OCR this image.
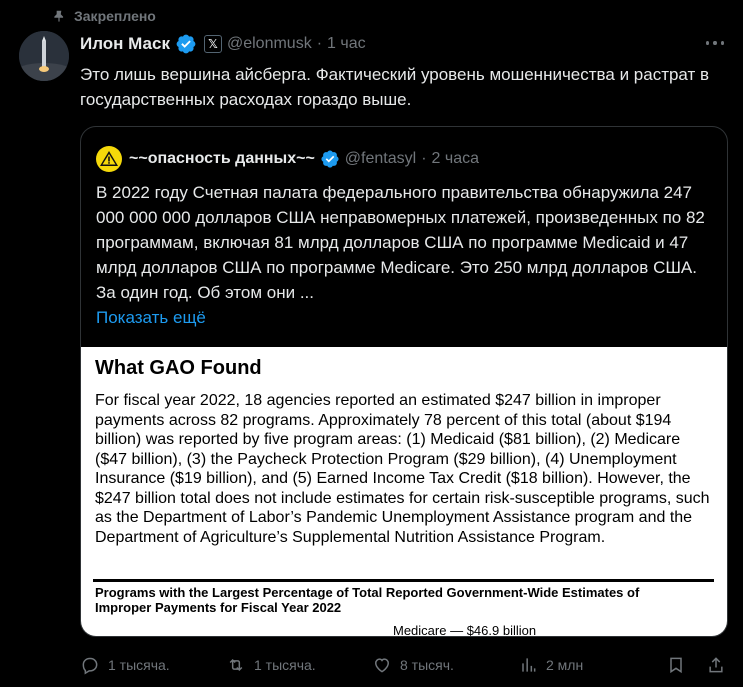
Закреплено
Илон Маск	𝕏 @elonmusk · 1 час
Это лишь вершина айсберга. Фактический уровень мошенничества и растрат в государственных расходах гораздо выше.
~~опасность данных~~ @fentasyl · 2 часа
В 2022 году Счетная палата федерального правительства обнаружила 247 000 000 000 долларов США неправомерных платежей, произведенных по 82 программам, включая 81 млрд долларов США по программе Medicaid и 47 млрд долларов США по программе Medicare. Это 250 млрд долларов США. За один год. Об этом они ...
Показать ещё
What GAO Found
For fiscal year 2022, 18 agencies reported an estimated $247 billion in improper payments across 82 programs. Approximately 78 percent of this total (about $194 billion) was reported by five program areas: (1) Medicaid ($81 billion), (2) Medicare ($47 billion), (3) the Paycheck Protection Program ($29 billion), (4) Unemployment Insurance ($19 billion), and (5) Earned Income Tax Credit ($18 billion). However, the $247 billion total does not include estimates for certain risk-susceptible programs, such as the Department of Labor’s Pandemic Unemployment Assistance program and the Department of Agriculture’s Supplemental Nutrition Assistance Program.
Programs with the Largest Percentage of Total Reported Government-Wide Estimates of Improper Payments for Fiscal Year 2022
Medicare — $46.9 billion
1 тысяча.	1 тысяча.	8 тысяч.	2 млн
